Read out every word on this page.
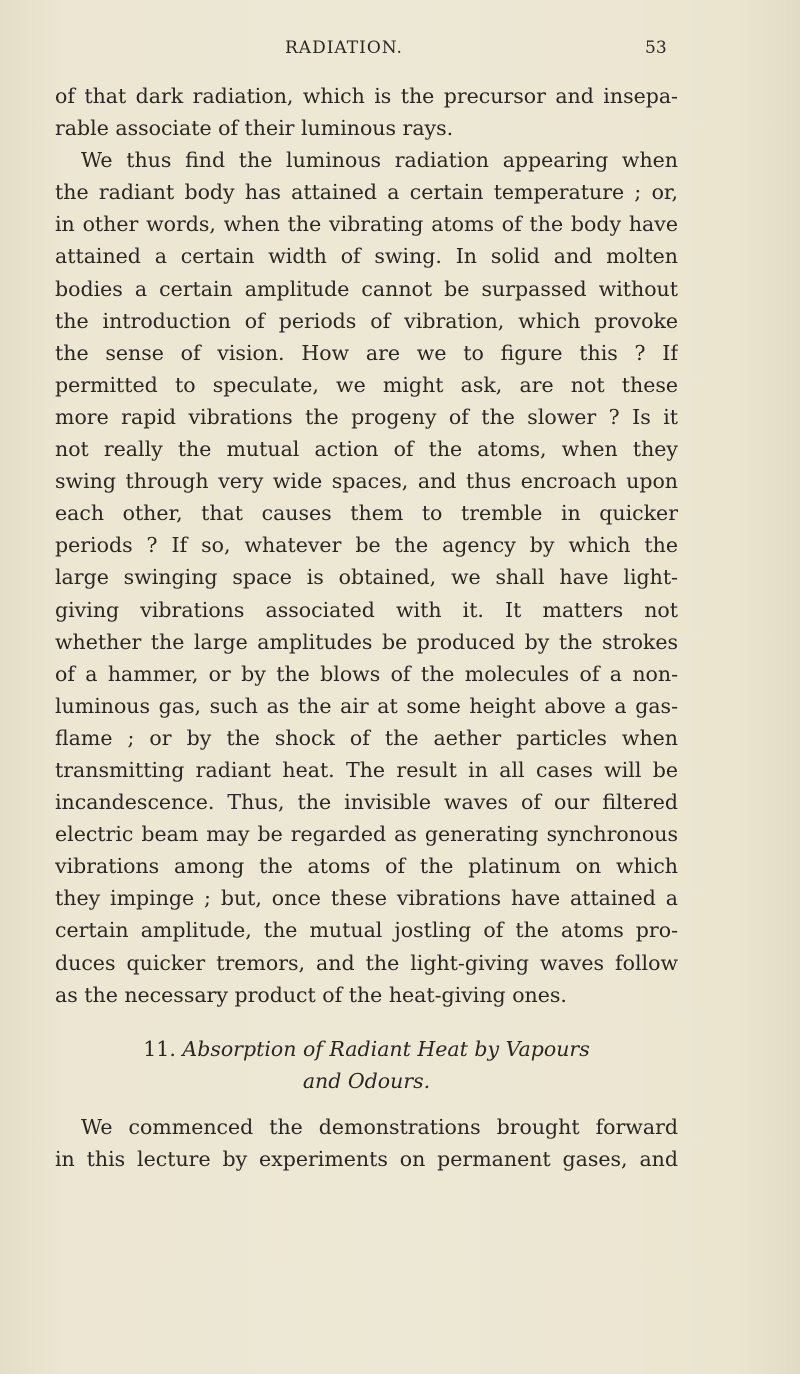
RADIATION.	53
of that dark radiation, which is the precursor and insepa-
rable associate of their luminous rays.
We thus find the luminous radiation appearing when
the radiant body has attained a certain temperature ; or,
in other words, when the vibrating atoms of the body have
attained a certain width of swing. In solid and molten
bodies a certain amplitude cannot be surpassed without
the introduction of periods of vibration, which provoke
the sense of vision. How are we to figure this ? If
permitted to speculate, we might ask, are not these
more rapid vibrations the progeny of the slower ? Is it
not really the mutual action of the atoms, when they
swing through very wide spaces, and thus encroach upon
each other, that causes them to tremble in quicker
periods ? If so, whatever be the agency by which the
large swinging space is obtained, we shall have light-
giving vibrations associated with it. It matters not
whether the large amplitudes be produced by the strokes
of a hammer, or by the blows of the molecules of a non-
luminous gas, such as the air at some height above a gas-
flame ; or by the shock of the aether particles when
transmitting radiant heat. The result in all cases will be
incandescence. Thus, the invisible waves of our filtered
electric beam may be regarded as generating synchronous
vibrations among the atoms of the platinum on which
they impinge ; but, once these vibrations have attained a
certain amplitude, the mutual jostling of the atoms pro-
duces quicker tremors, and the light-giving waves follow
as the necessary product of the heat-giving ones.
11. Absorption of Radiant Heat by Vapours
and Odours.
We commenced the demonstrations brought forward
in this lecture by experiments on permanent gases, and
